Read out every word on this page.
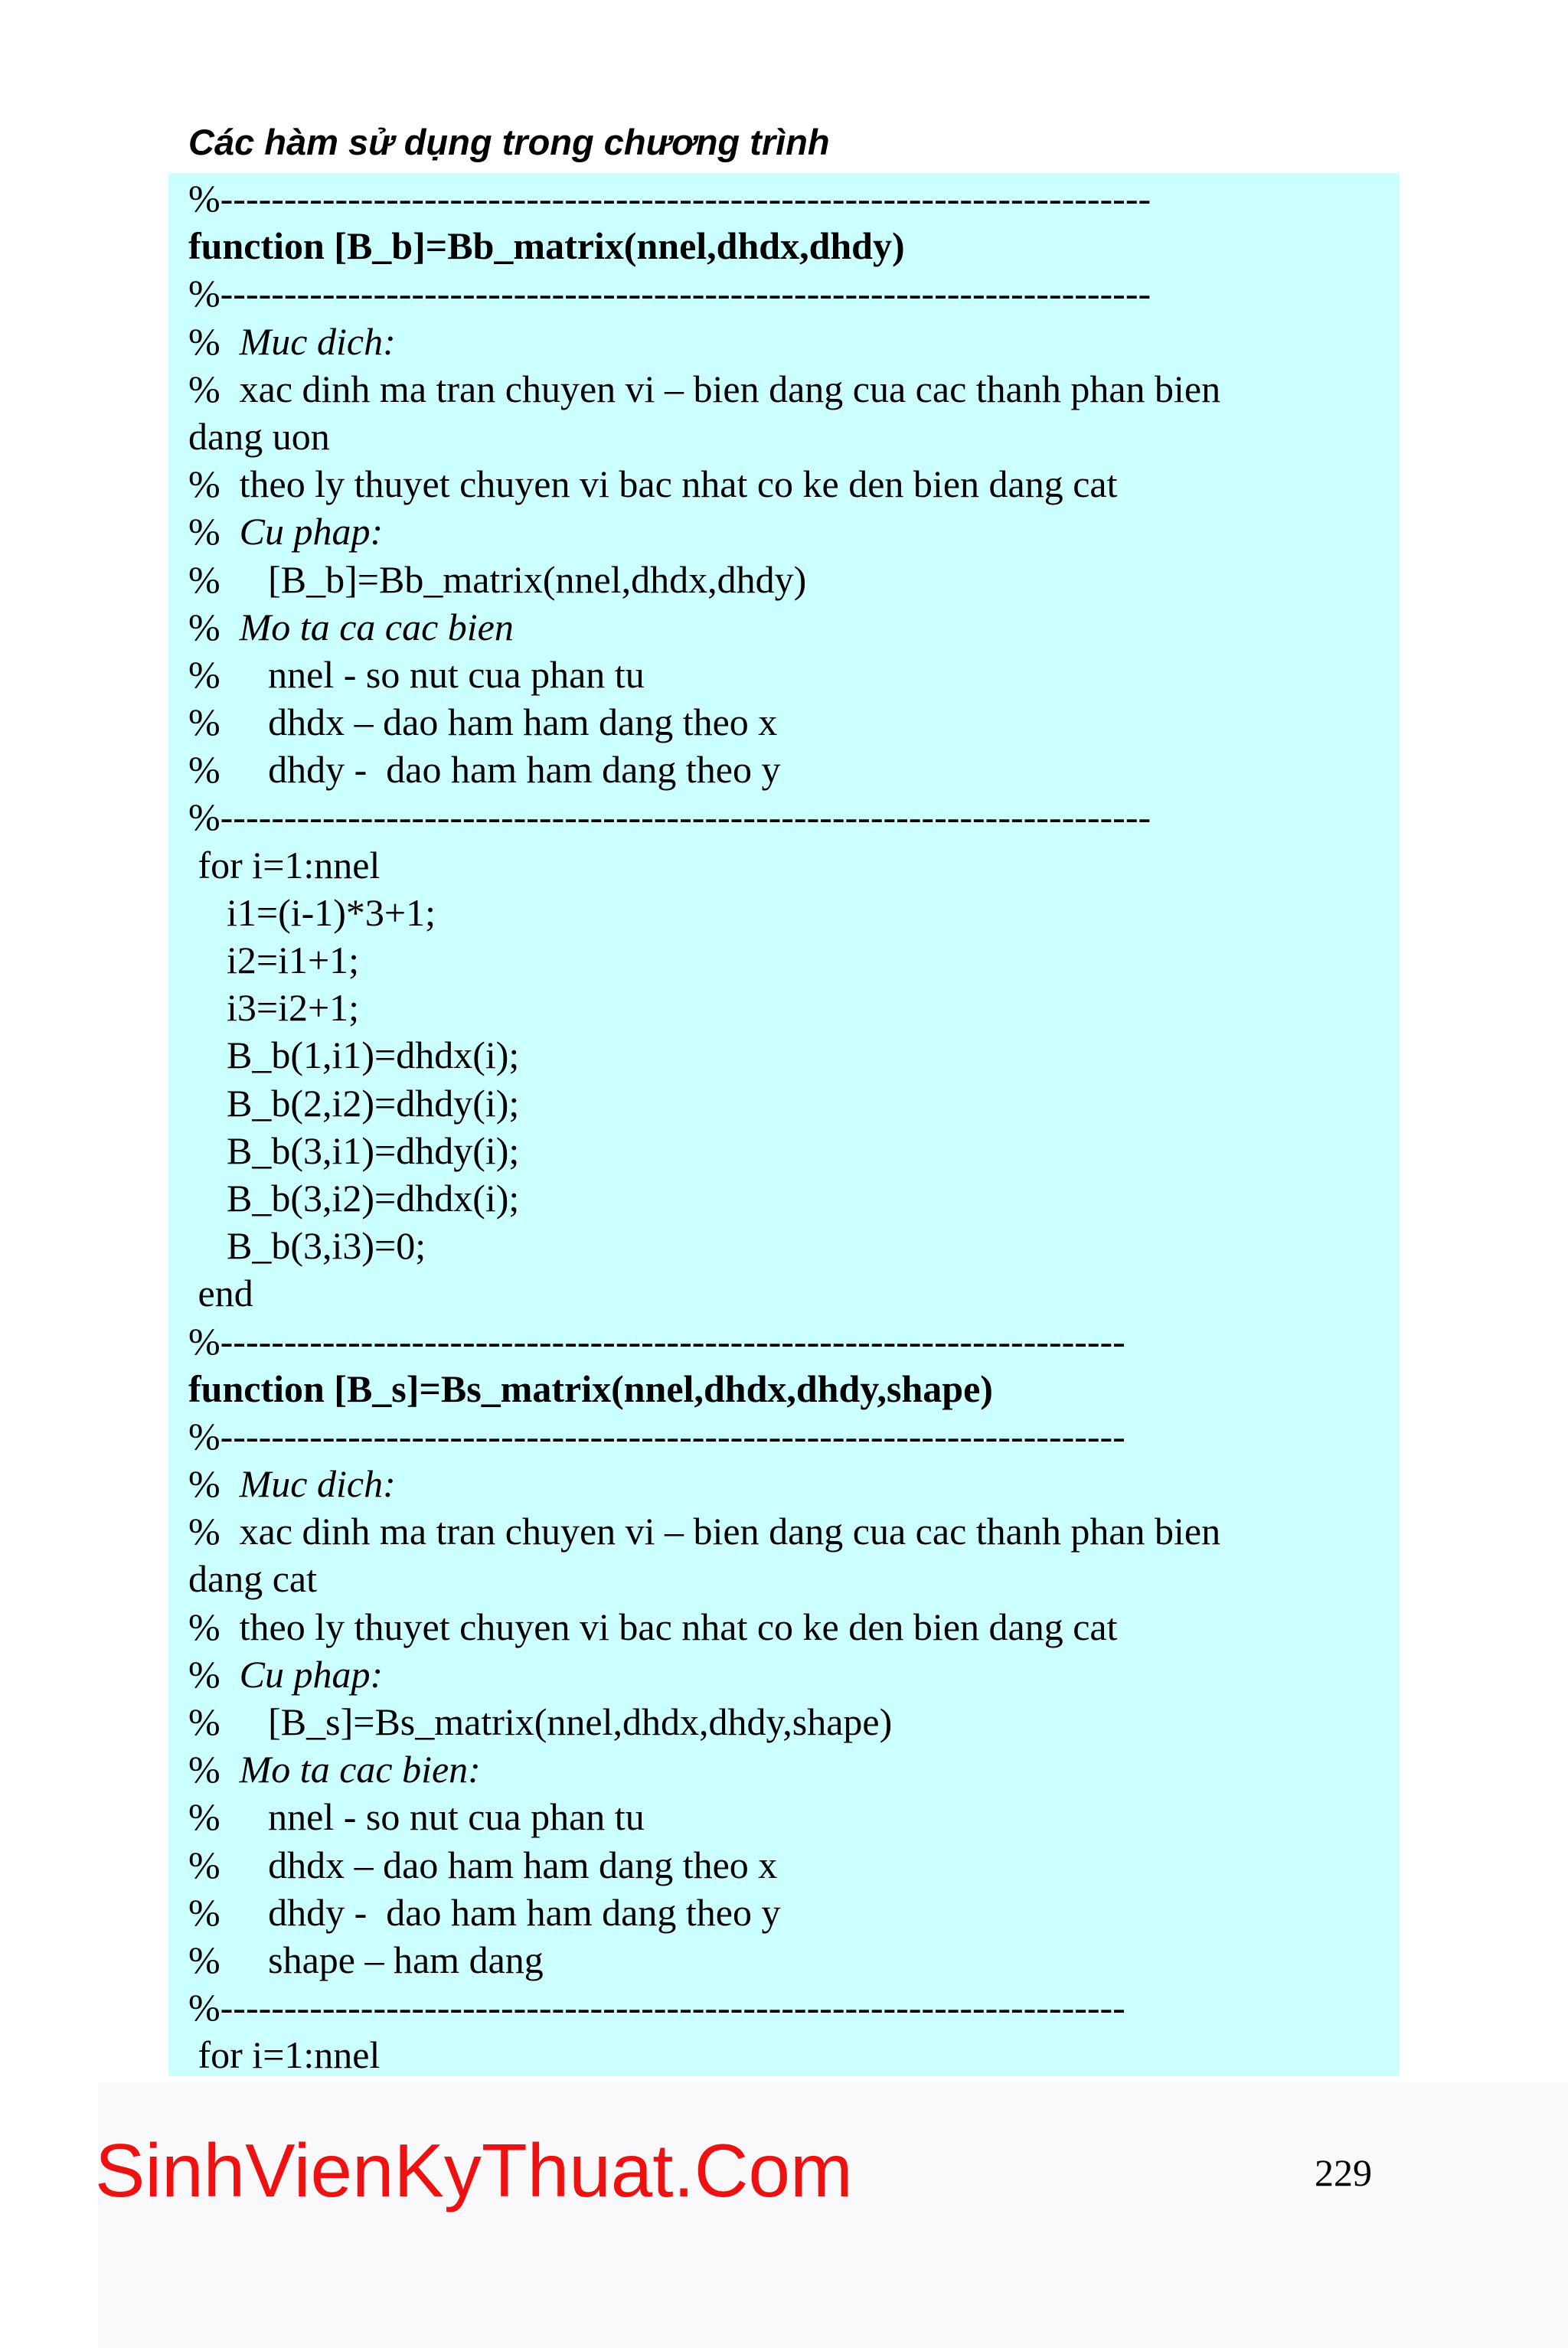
Các hàm sử dụng trong chương trình
%-------------------------------------------------------------------------
function [B_b]=Bb_matrix(nnel,dhdx,dhdy)
%-------------------------------------------------------------------------
%  Muc dich:
%  xac dinh ma tran chuyen vi – bien dang cua cac thanh phan bien
dang uon
%  theo ly thuyet chuyen vi bac nhat co ke den bien dang cat
%  Cu phap:
%     [B_b]=Bb_matrix(nnel,dhdx,dhdy)
%  Mo ta ca cac bien
%     nnel - so nut cua phan tu
%     dhdx – dao ham ham dang theo x
%     dhdy -  dao ham ham dang theo y
%-------------------------------------------------------------------------
for i=1:nnel
i1=(i-1)*3+1;
i2=i1+1;
i3=i2+1;
B_b(1,i1)=dhdx(i);
B_b(2,i2)=dhdy(i);
B_b(3,i1)=dhdy(i);
B_b(3,i2)=dhdx(i);
B_b(3,i3)=0;
end
%-----------------------------------------------------------------------
function [B_s]=Bs_matrix(nnel,dhdx,dhdy,shape)
%-----------------------------------------------------------------------
%  Muc dich:
%  xac dinh ma tran chuyen vi – bien dang cua cac thanh phan bien
dang cat
%  theo ly thuyet chuyen vi bac nhat co ke den bien dang cat
%  Cu phap:
%     [B_s]=Bs_matrix(nnel,dhdx,dhdy,shape)
%  Mo ta cac bien:
%     nnel - so nut cua phan tu
%     dhdx – dao ham ham dang theo x
%     dhdy -  dao ham ham dang theo y
%     shape – ham dang
%-----------------------------------------------------------------------
for i=1:nnel
SinhVienKyThuat.Com	229
